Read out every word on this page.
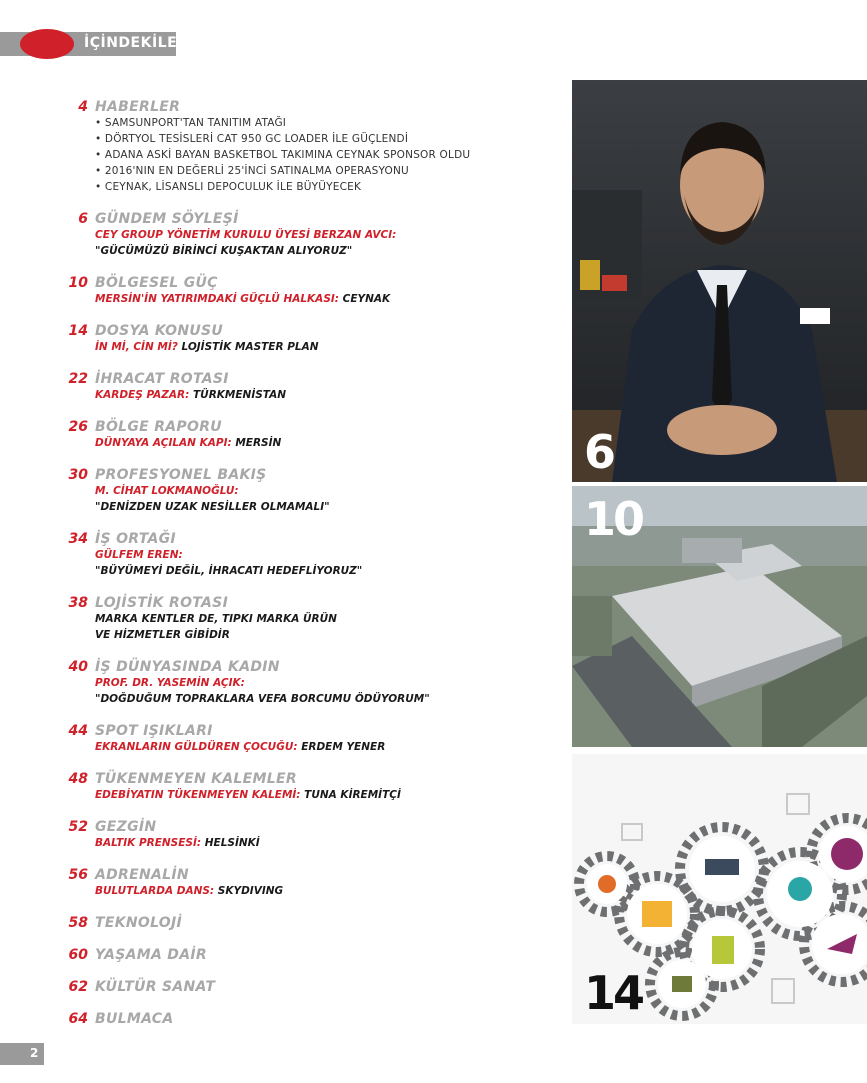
İÇİNDEKİLER
4 HABERLER
• SAMSUNPORT'TAN TANITIM ATAĞI
• DÖRTYOL TESİSLERİ CAT 950 GC LOADER İLE GÜÇLENDİ
• ADANA ASKİ BAYAN BASKETBOL TAKIMINA CEYNAK SPONSOR OLDU
• 2016'NIN EN DEĞERLİ 25'İNCİ SATINALMA OPERASYONU
• CEYNAK, LİSANSLI DEPOCULUK İLE BÜYÜYECEK
6 GÜNDEM SÖYLEŞİ
CEY GROUP YÖNETİM KURULU ÜYESİ BERZAN AVCI:
"GÜCÜMÜZÜ BİRİNCİ KUŞAKTAN ALIYORUZ"
10 BÖLGESEL GÜÇ
MERSİN'İN YATIRIMDAKİ GÜÇLÜ HALKASI: CEYNAK
14 DOSYA KONUSU
İN Mİ, CİN Mİ? LOJİSTİK MASTER PLAN
22 İHRACAT ROTASI
KARDEŞ PAZAR: TÜRKMENİSTAN
26 BÖLGE RAPORU
DÜNYAYA AÇILAN KAPI: MERSİN
30 PROFESYONEL BAKIŞ
M. CİHAT LOKMANOĞLU:
"DENİZDEN UZAK NESİLLER OLMAMALI"
34 İŞ ORTAĞI
GÜLFEM EREN:
"BÜYÜMEYİ DEĞİL, İHRACATI HEDEFLİYORUZ"
38 LOJİSTİK ROTASI
MARKA KENTLER DE, TIPKI MARKA ÜRÜN
VE HİZMETLER GİBİDİR
40 İŞ DÜNYASINDA KADIN
PROF. DR. YASEMİN AÇIK:
"DOĞDUĞUM TOPRAKLARA VEFA BORCUMU ÖDÜYORUM"
44 SPOT IŞIKLARI
EKRANLARIN GÜLDÜREN ÇOCUĞU: ERDEM YENER
48 TÜKENMEYEN KALEMLER
EDEBİYATIN TÜKENMEYEN KALEMİ: TUNA KİREMİTÇİ
52 GEZGİN
BALTIK PRENSESİ: HELSİNKİ
56 ADRENALİN
BULUTLARDA DANS: SKYDIVING
58 TEKNOLOJİ
60 YAŞAMA DAİR
62 KÜLTÜR SANAT
64 BULMACA
6
10
14
2
